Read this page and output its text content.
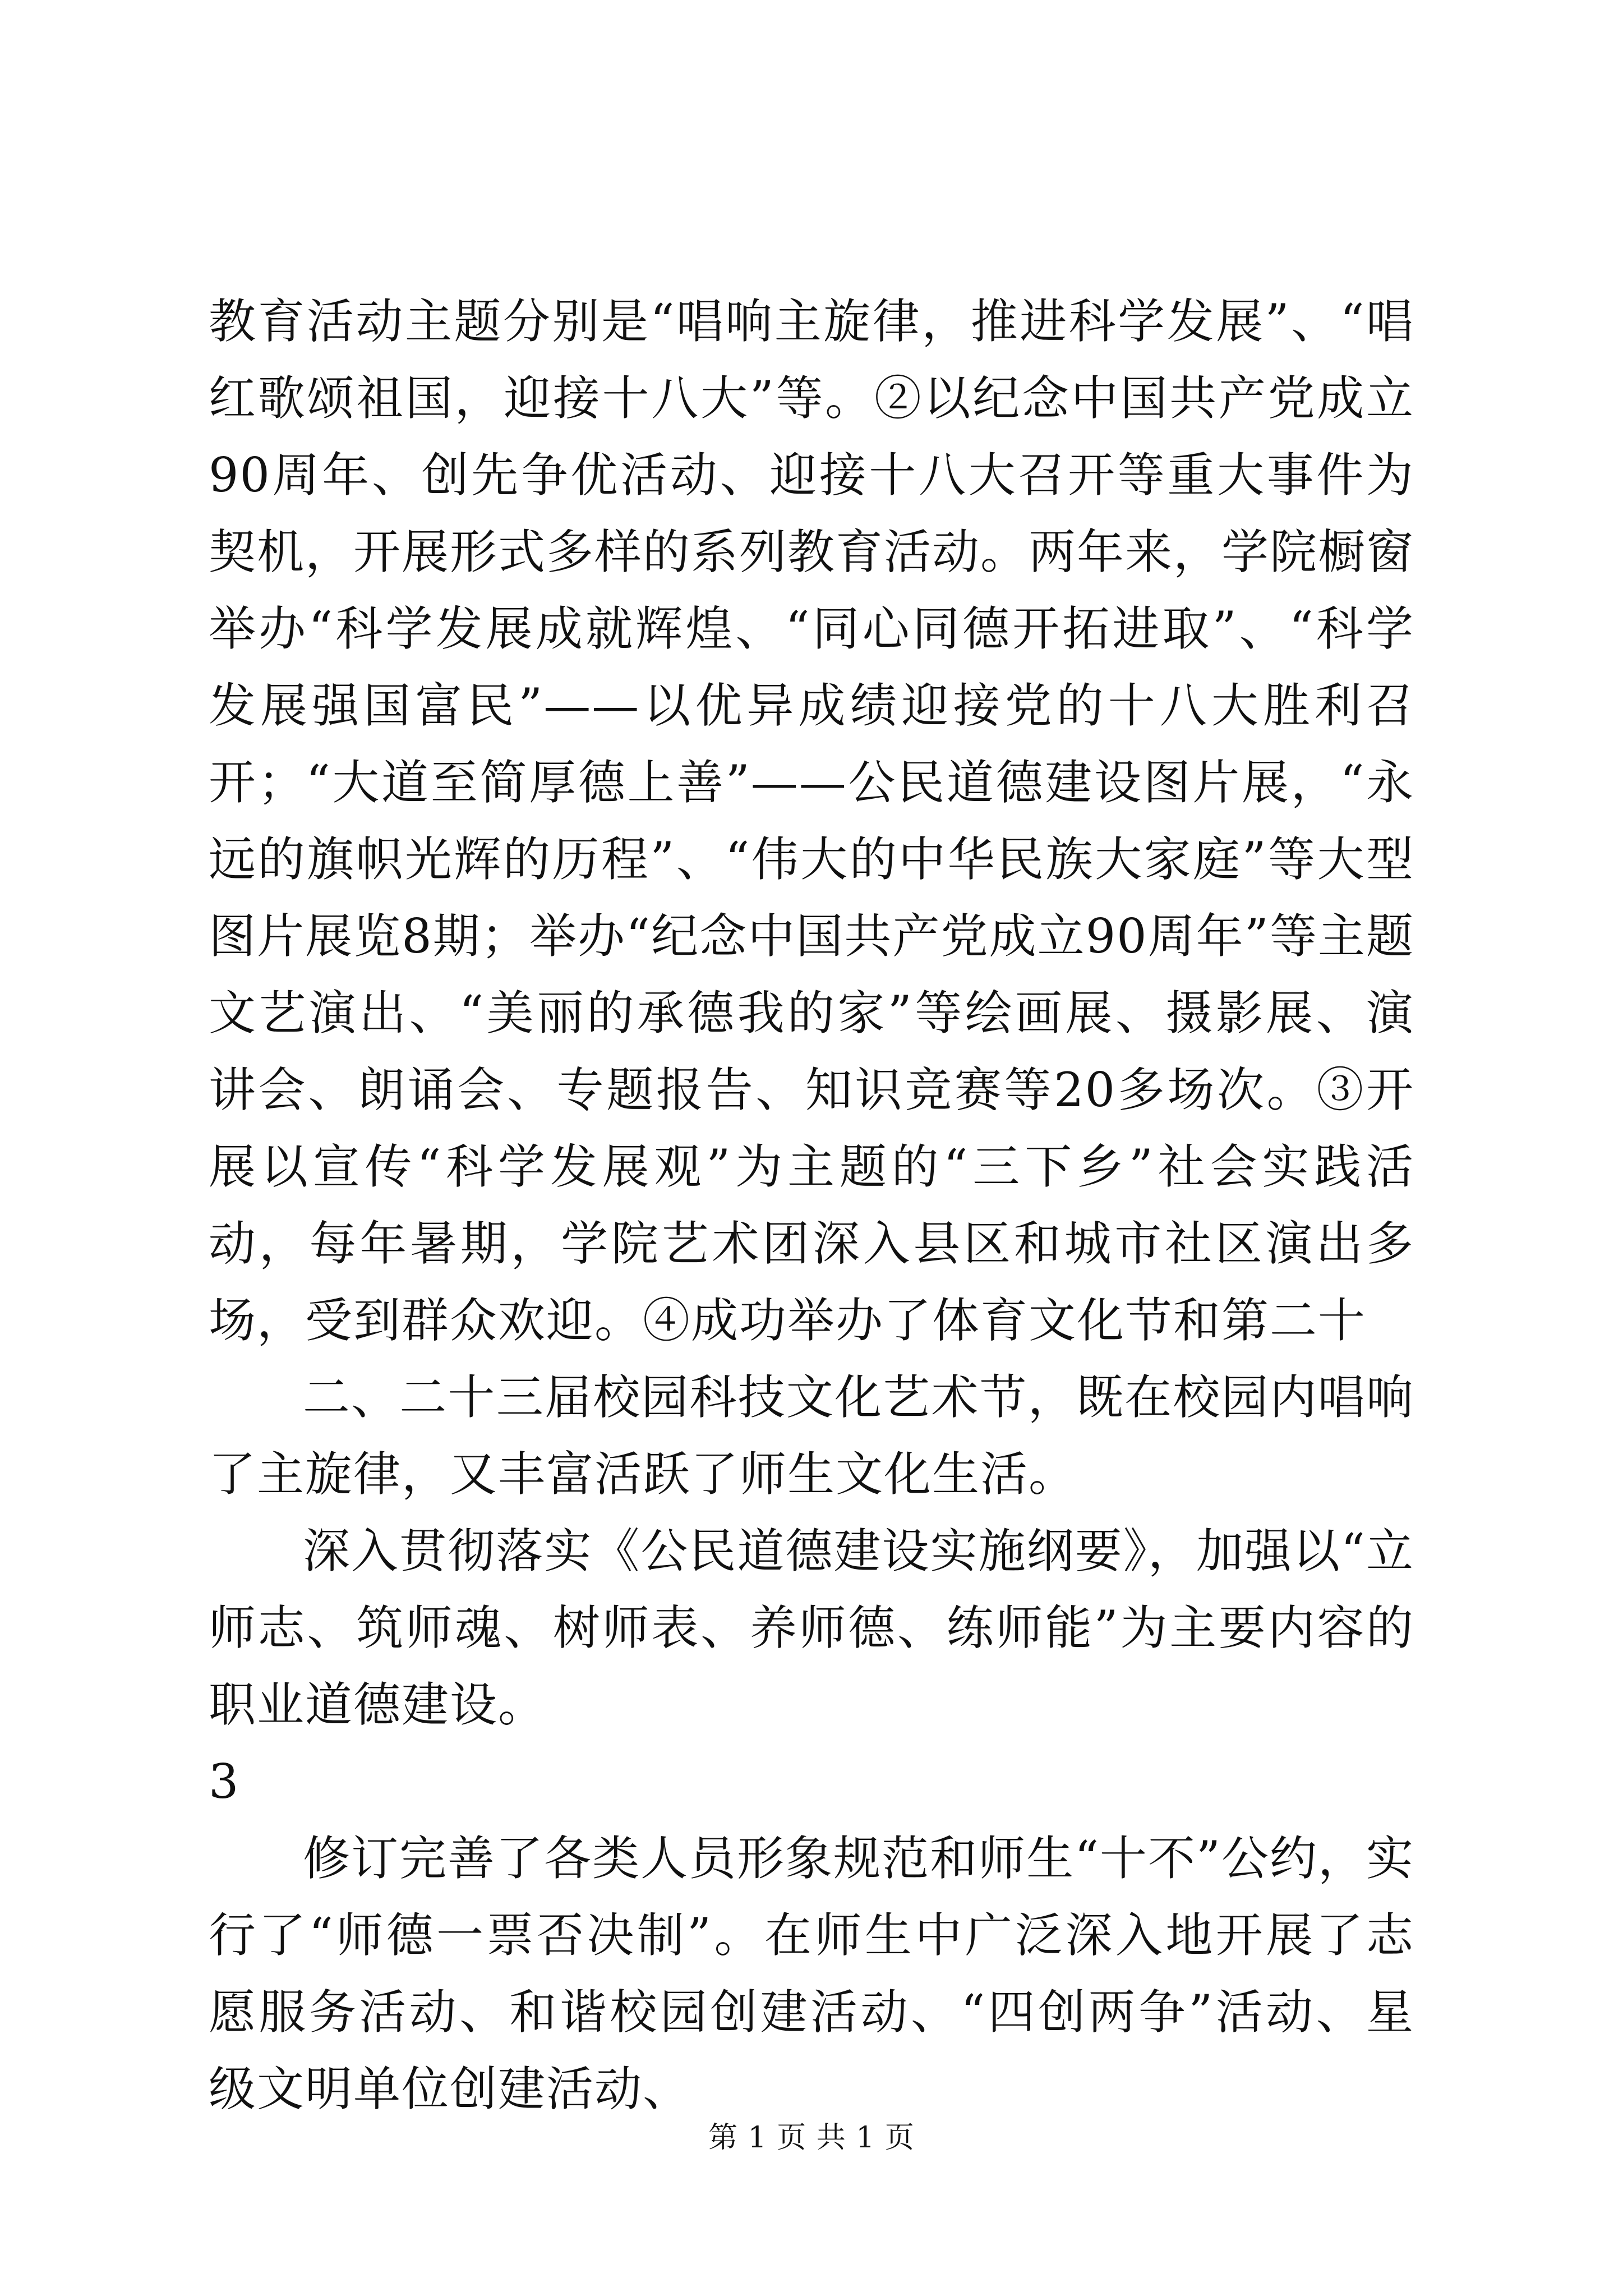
教育活动主题分别是“唱响主旋律，推进科学发展”、“唱红歌颂祖国，迎接十八大”等。②以纪念中国共产党成立90周年、创先争优活动、迎接十八大召开等重大事件为契机，开展形式多样的系列教育活动。两年来，学院橱窗举办“科学发展成就辉煌、“同心同德开拓进取”、“科学发展强国富民”——以优异成绩迎接党的十八大胜利召开；“大道至简厚德上善”——公民道德建设图片展，“永远的旗帜光辉的历程”、“伟大的中华民族大家庭”等大型图片展览8期；举办“纪念中国共产党成立90周年”等主题文艺演出、“美丽的承德我的家”等绘画展、摄影展、演讲会、朗诵会、专题报告、知识竞赛等20多场次。③开展以宣传“科学发展观”为主题的“三下乡”社会实践活动，每年暑期，学院艺术团深入县区和城市社区演出多场，受到群众欢迎。④成功举办了体育文化节和第二十

二、二十三届校园科技文化艺术节，既在校园内唱响了主旋律，又丰富活跃了师生文化生活。

深入贯彻落实《公民道德建设实施纲要》，加强以“立师志、筑师魂、树师表、养师德、练师能”为主要内容的职业道德建设。

3

修订完善了各类人员形象规范和师生“十不”公约，实行了“师德一票否决制”。在师生中广泛深入地开展了志愿服务活动、和谐校园创建活动、“四创两争”活动、星级文明单位创建活动、

第 1 页 共 1 页
